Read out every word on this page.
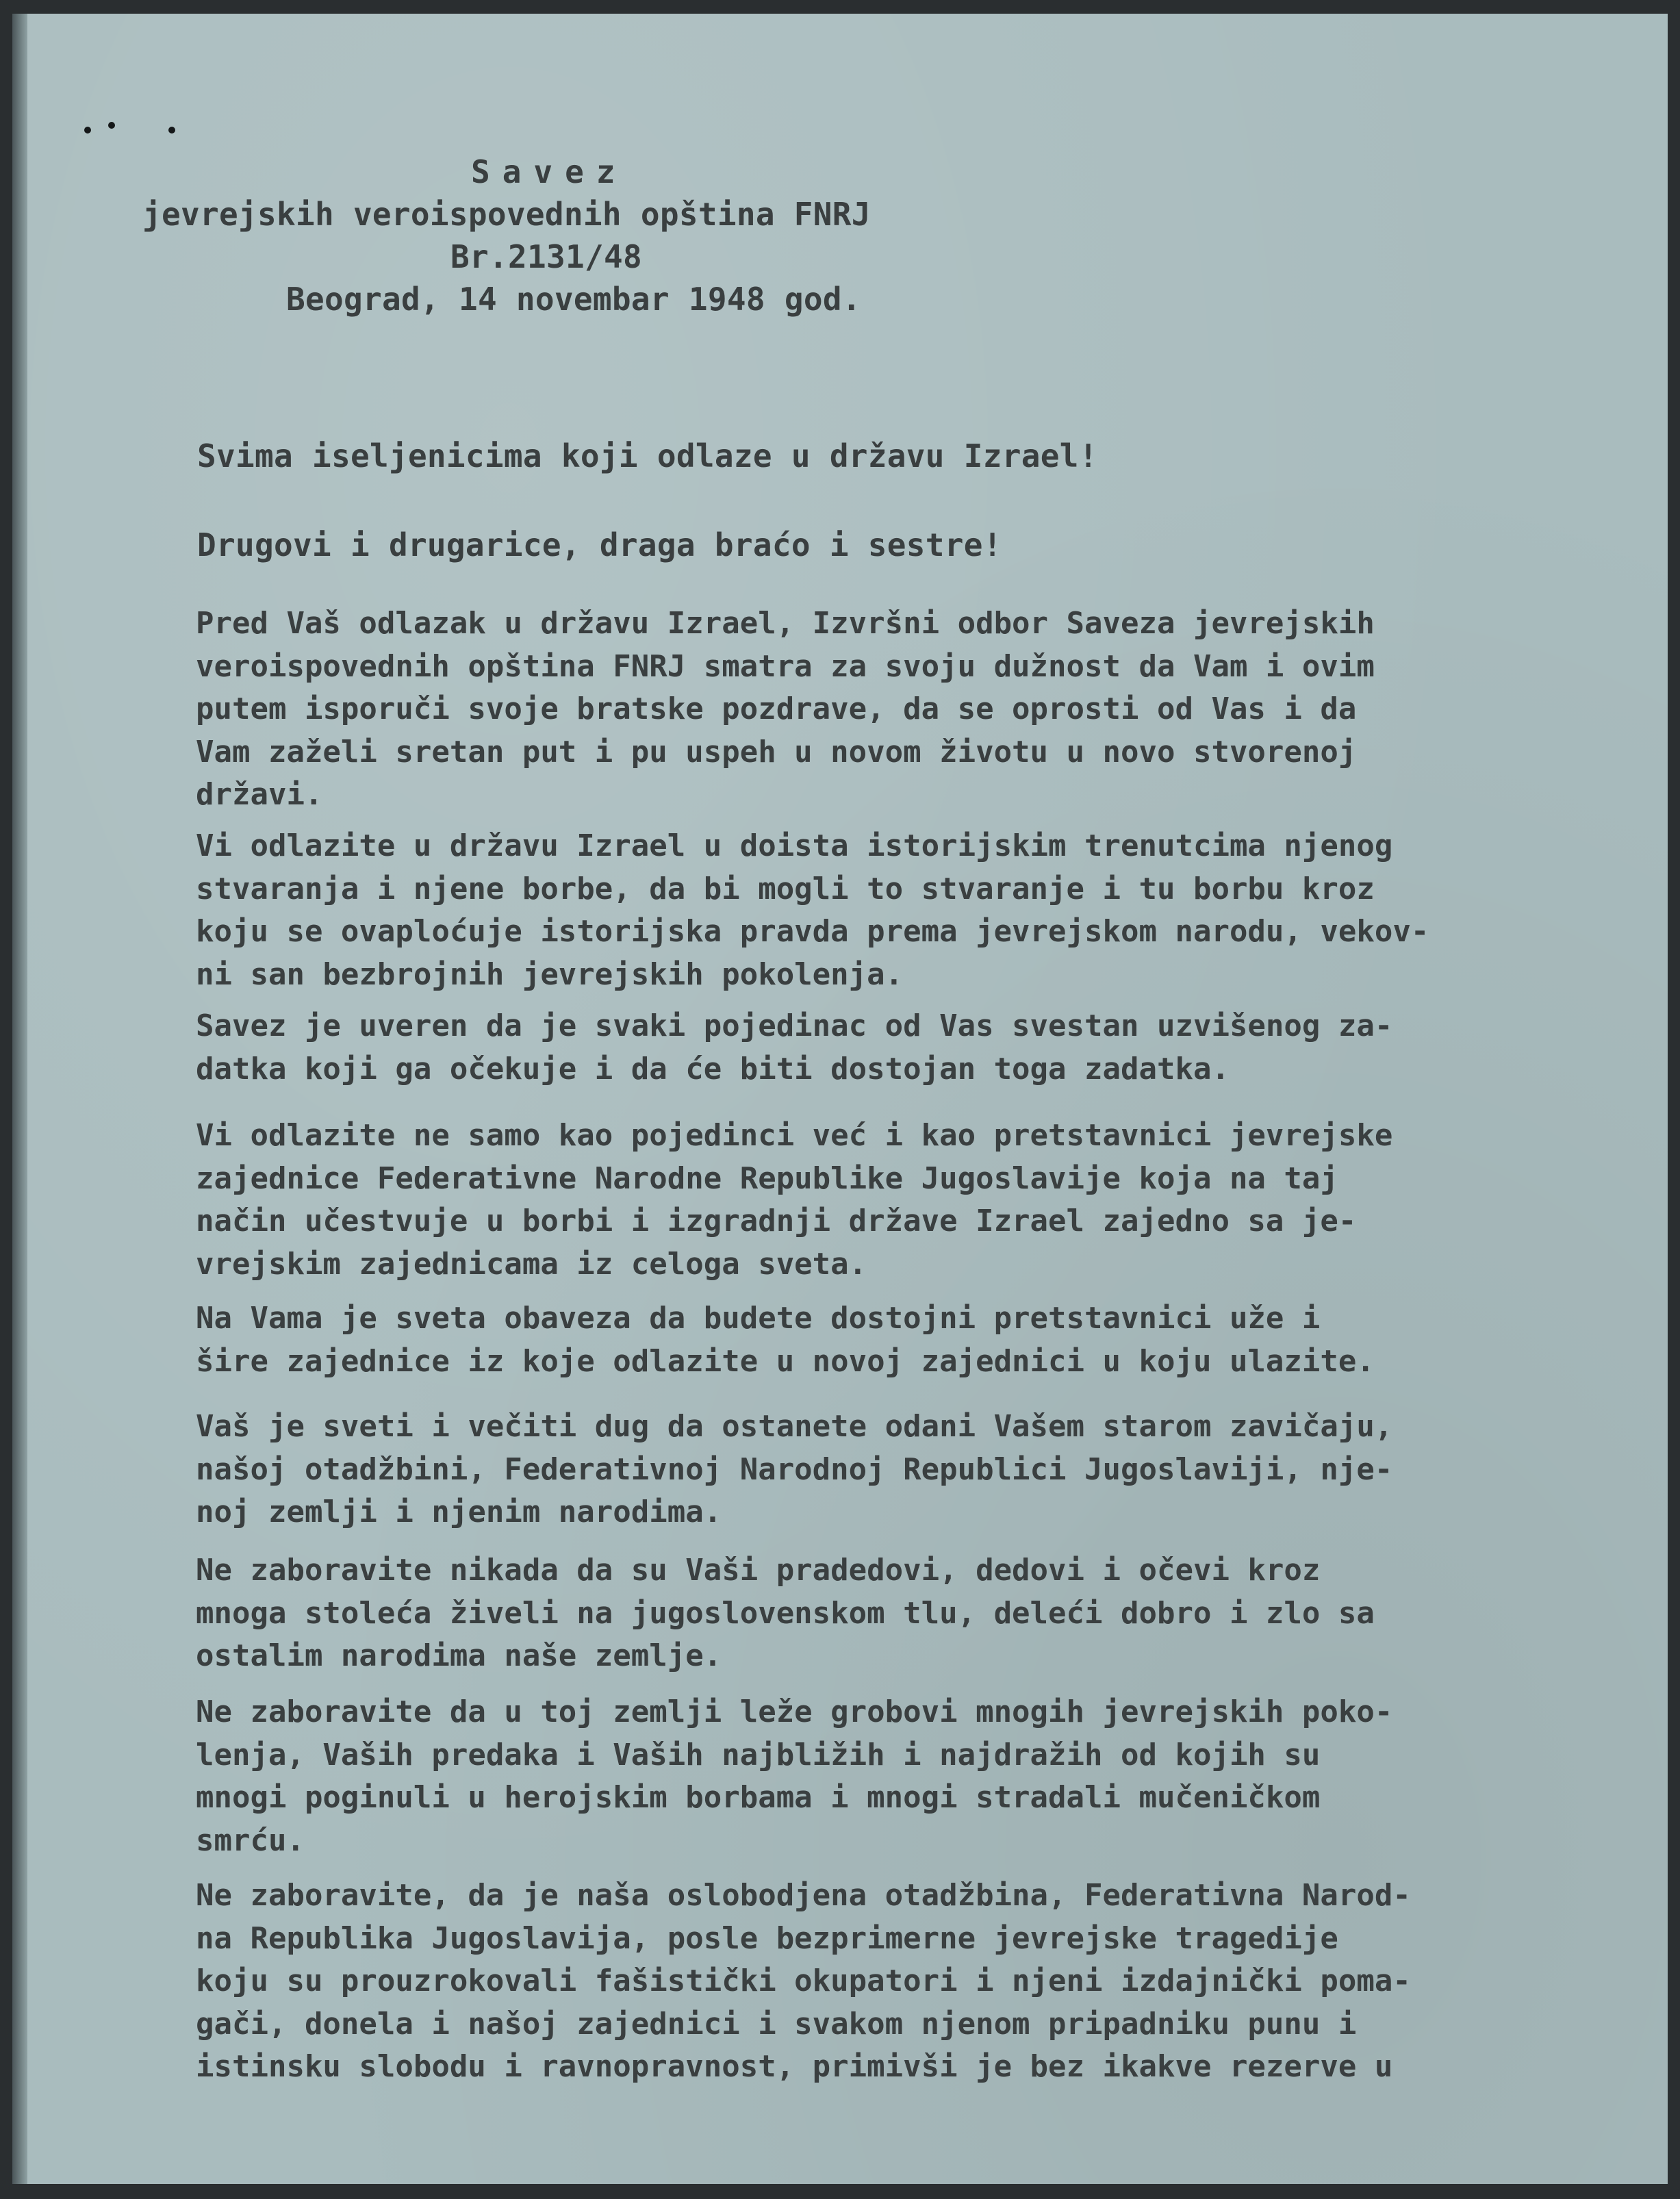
Savez
jevrejskih veroispovednih opština FNRJ
Br.2131/48
Beograd, 14 novembar 1948 god.
Svima iseljenicima koji odlaze u državu Izrael!
Drugovi i drugarice, draga braćo i sestre!
Pred Vaš odlazak u državu Izrael, Izvršni odbor Saveza jevrejskih
veroispovednih opština FNRJ smatra za svoju dužnost da Vam i ovim
putem isporuči svoje bratske pozdrave, da se oprosti od Vas i da
Vam zaželi sretan put i pu uspeh u novom životu u novo stvorenoj
državi.
Vi odlazite u državu Izrael u doista istorijskim trenutcima njenog
stvaranja i njene borbe, da bi mogli to stvaranje i tu borbu kroz
koju se ovaploćuje istorijska pravda prema jevrejskom narodu, vekov-
ni san bezbrojnih jevrejskih pokolenja.
Savez je uveren da je svaki pojedinac od Vas svestan uzvišenog za-
datka koji ga očekuje i da će biti dostojan toga zadatka.
Vi odlazite ne samo kao pojedinci već i kao pretstavnici jevrejske
zajednice Federativne Narodne Republike Jugoslavije koja na taj
način učestvuje u borbi i izgradnji države Izrael zajedno sa je-
vrejskim zajednicama iz celoga sveta.
Na Vama je sveta obaveza da budete dostojni pretstavnici uže i
šire zajednice iz koje odlazite u novoj zajednici u koju ulazite.
Vaš je sveti i večiti dug da ostanete odani Vašem starom zavičaju,
našoj otadžbini, Federativnoj Narodnoj Republici Jugoslaviji, nje-
noj zemlji i njenim narodima.
Ne zaboravite nikada da su Vaši pradedovi, dedovi i očevi kroz
mnoga stoleća živeli na jugoslovenskom tlu, deleći dobro i zlo sa
ostalim narodima naše zemlje.
Ne zaboravite da u toj zemlji leže grobovi mnogih jevrejskih poko-
lenja, Vaših predaka i Vaših najbližih i najdražih od kojih su
mnogi poginuli u herojskim borbama i mnogi stradali mučeničkom
smrću.
Ne zaboravite, da je naša oslobodjena otadžbina, Federativna Narod-
na Republika Jugoslavija, posle bezprimerne jevrejske tragedije
koju su prouzrokovali fašistički okupatori i njeni izdajnički poma-
gači, donela i našoj zajednici i svakom njenom pripadniku punu i
istinsku slobodu i ravnopravnost, primivši je bez ikakve rezerve u
